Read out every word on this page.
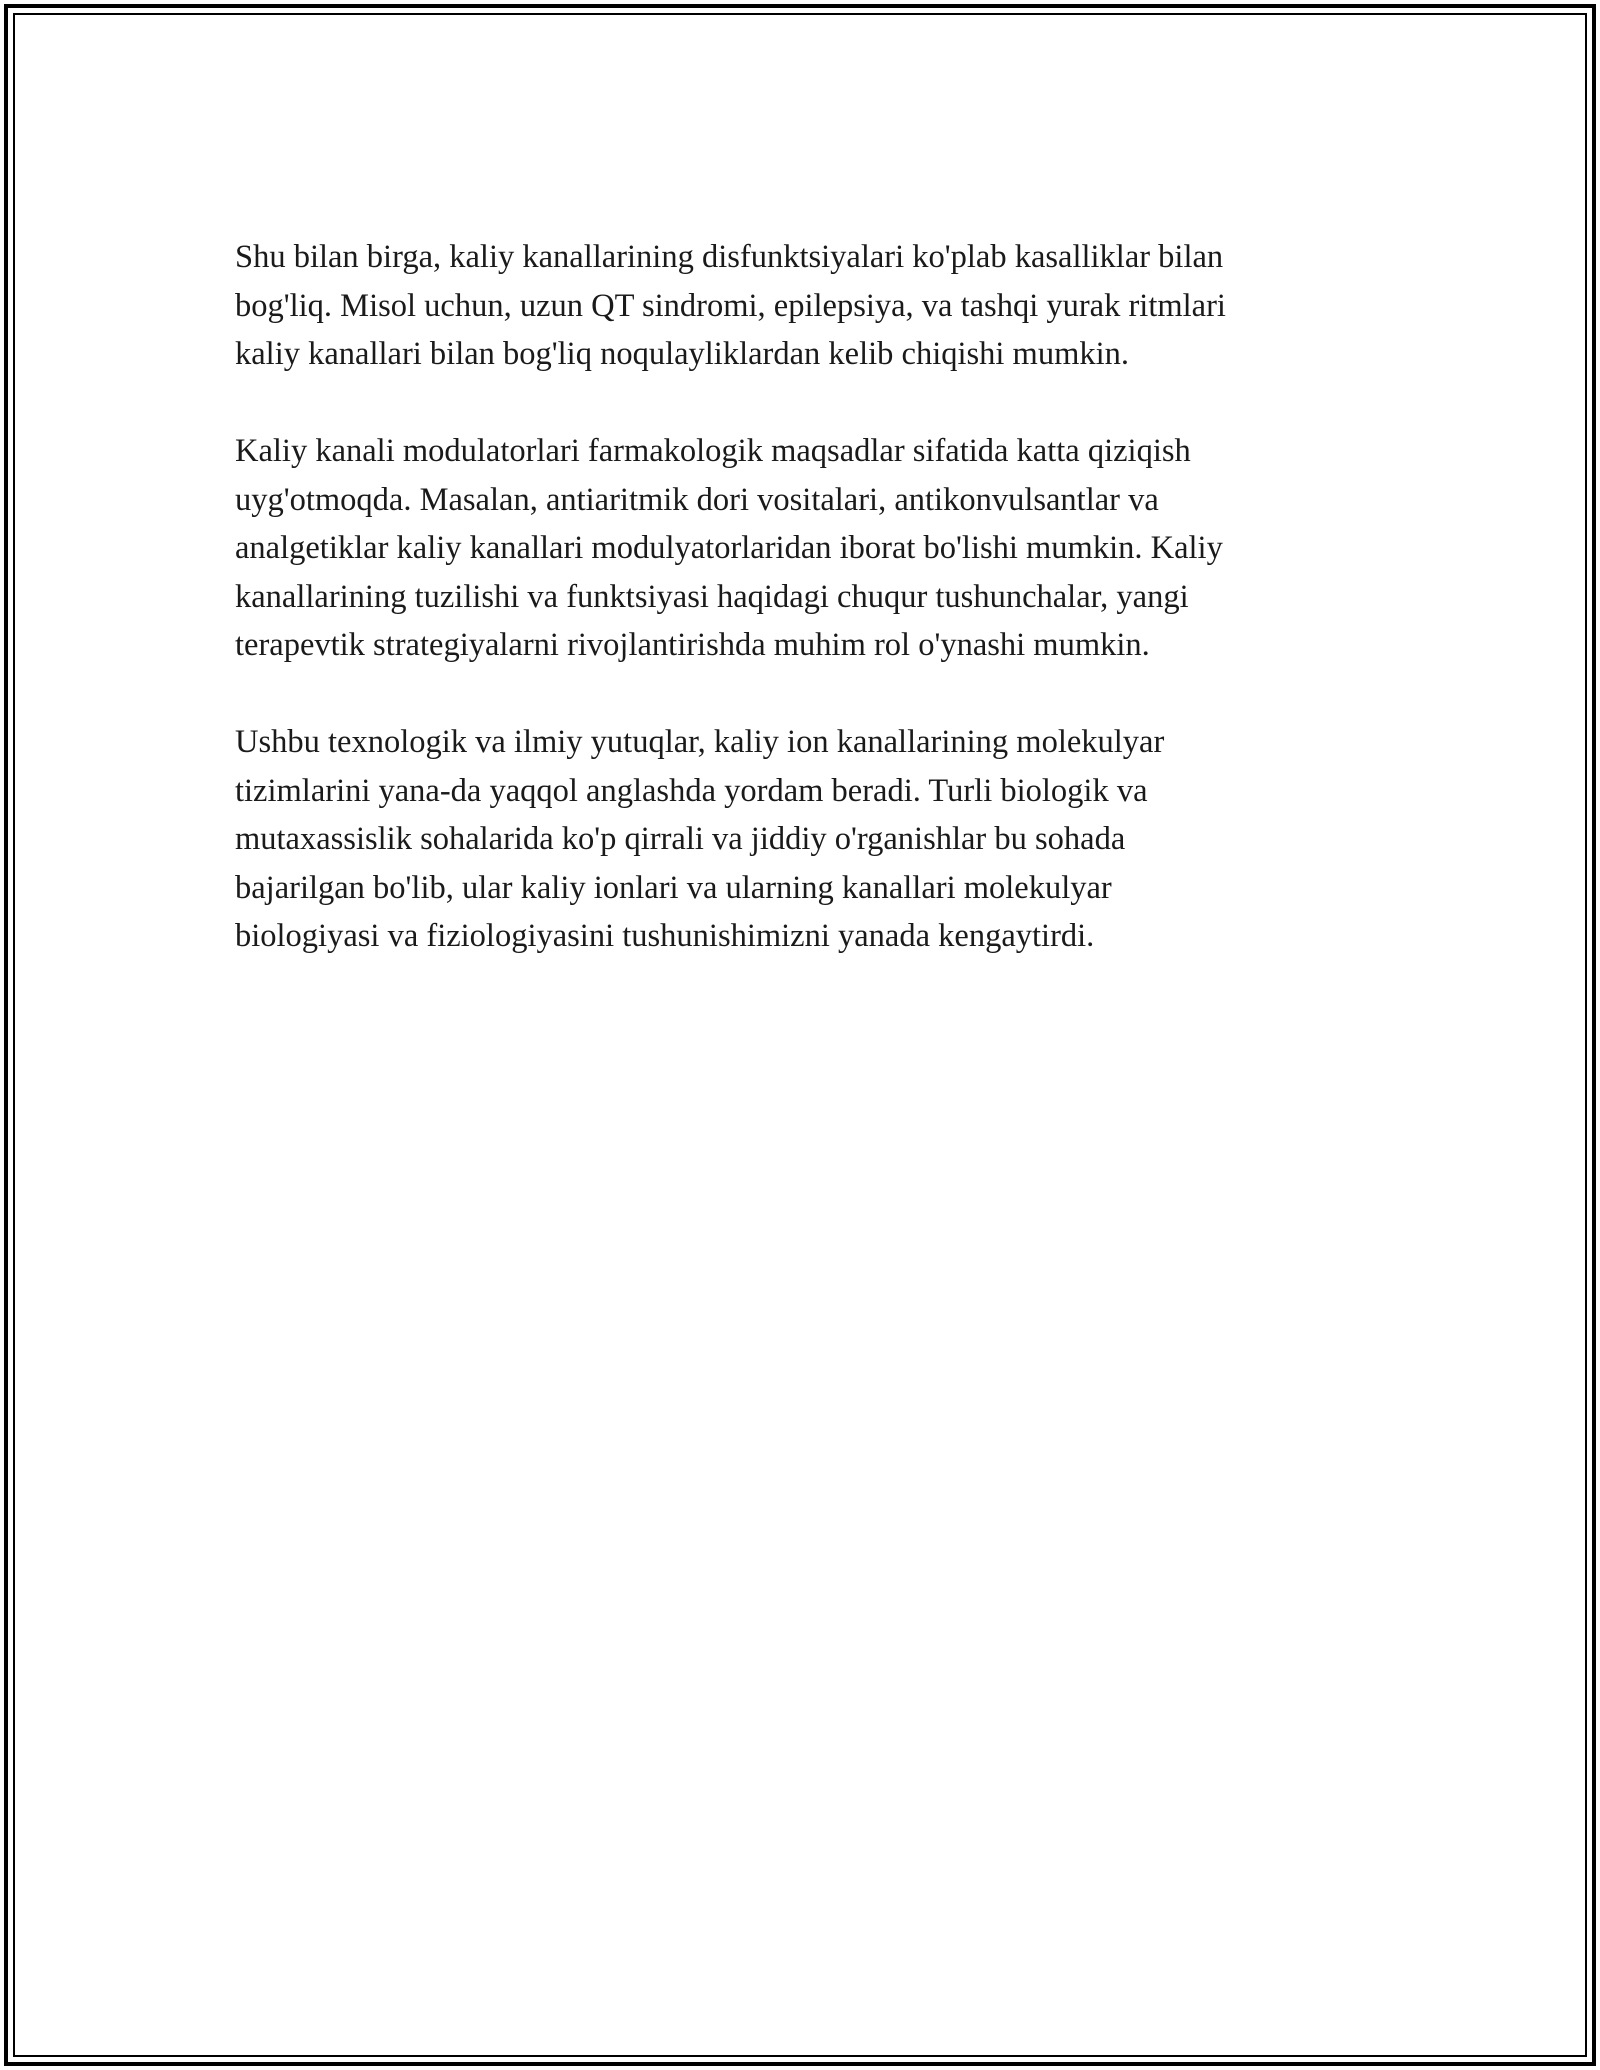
Shu bilan birga, kaliy kanallarining disfunktsiyalari ko'plab kasalliklar bilan
bog'liq. Misol uchun, uzun QT sindromi, epilepsiya, va tashqi yurak ritmlari
kaliy kanallari bilan bog'liq noqulayliklardan kelib chiqishi mumkin.

Kaliy kanali modulatorlari farmakologik maqsadlar sifatida katta qiziqish
uyg'otmoqda. Masalan, antiaritmik dori vositalari, antikonvulsantlar va
analgetiklar kaliy kanallari modulyatorlaridan iborat bo'lishi mumkin. Kaliy
kanallarining tuzilishi va funktsiyasi haqidagi chuqur tushunchalar, yangi
terapevtik strategiyalarni rivojlantirishda muhim rol o'ynashi mumkin.

Ushbu texnologik va ilmiy yutuqlar, kaliy ion kanallarining molekulyar
tizimlarini yana-da yaqqol anglashda yordam beradi. Turli biologik va
mutaxassislik sohalarida ko'p qirrali va jiddiy o'rganishlar bu sohada
bajarilgan bo'lib, ular kaliy ionlari va ularning kanallari molekulyar
biologiyasi va fiziologiyasini tushunishimizni yanada kengaytirdi.
